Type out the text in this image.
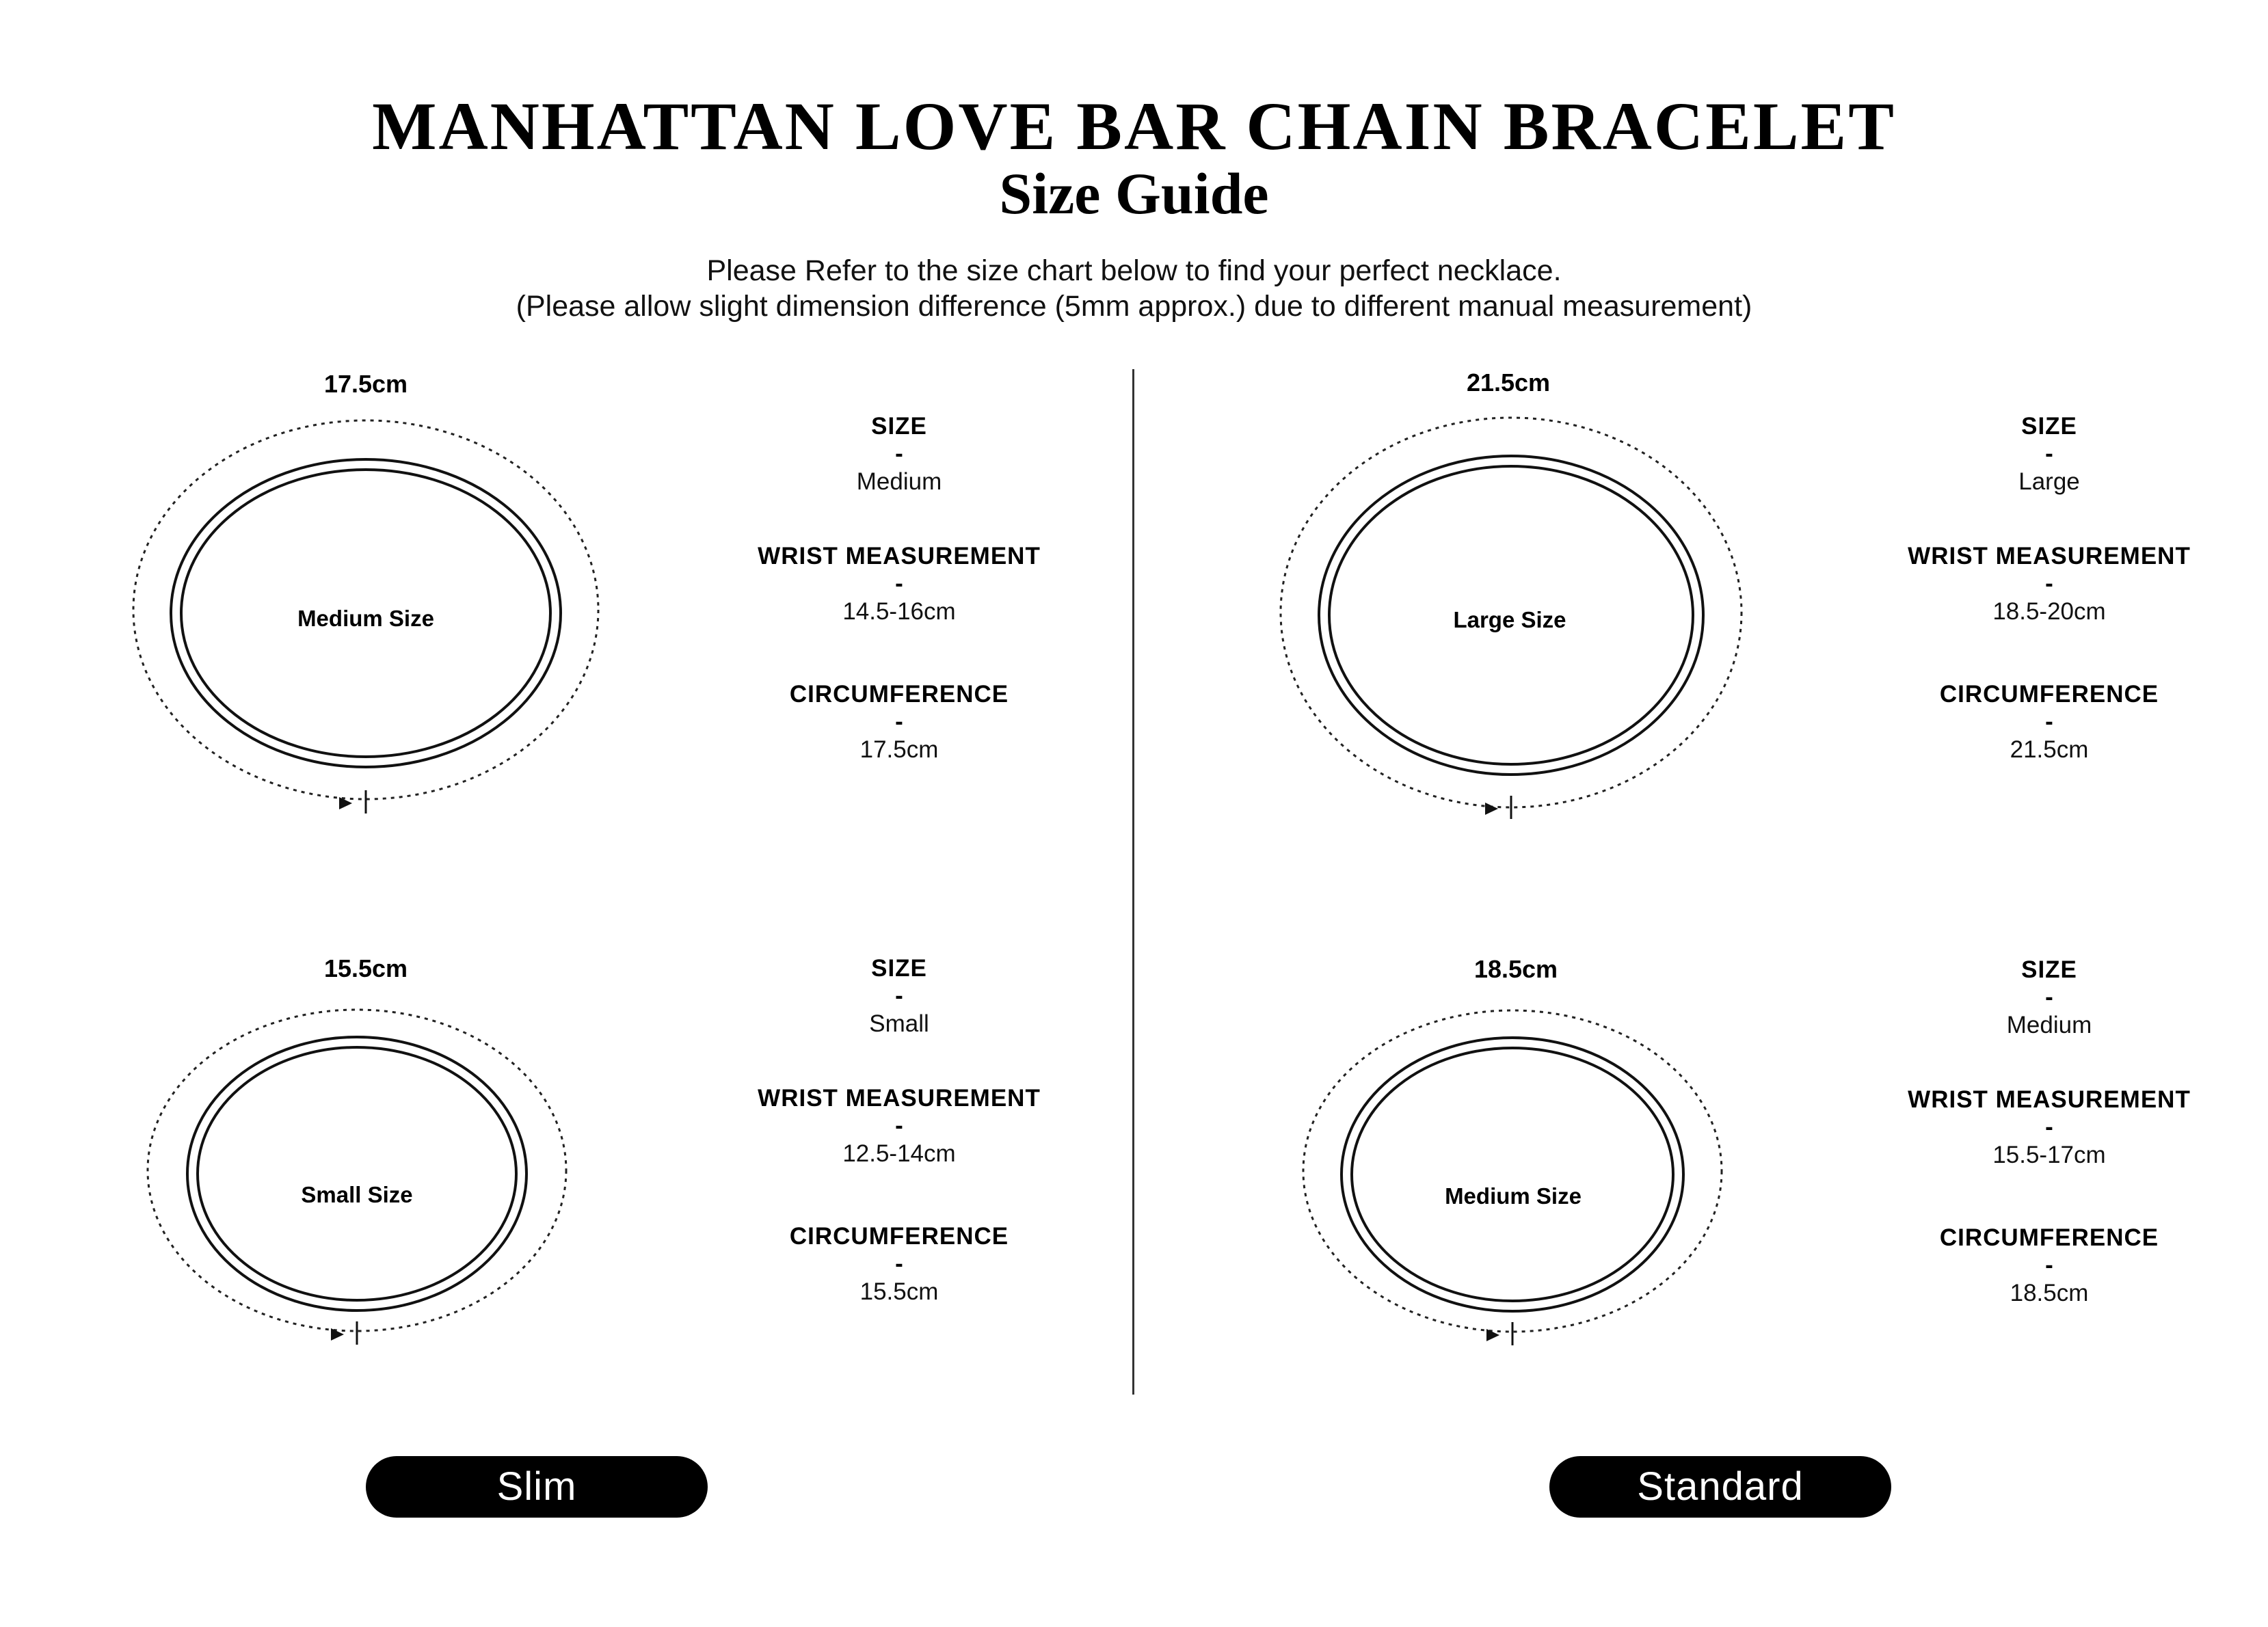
MANHATTAN LOVE BAR CHAIN BRACELET
Size Guide
Please Refer to the size chart below to find your perfect necklace.
(Please allow slight dimension difference (5mm approx.) due to different manual measurement)
17.5cm
Medium Size
SIZE
-
Medium
WRIST MEASUREMENT
-
14.5-16cm
CIRCUMFERENCE
-
17.5cm
15.5cm
Small Size
SIZE
-
Small
WRIST MEASUREMENT
-
12.5-14cm
CIRCUMFERENCE
-
15.5cm
21.5cm
Large Size
SIZE
-
Large
WRIST MEASUREMENT
-
18.5-20cm
CIRCUMFERENCE
-
21.5cm
18.5cm
Medium Size
SIZE
-
Medium
WRIST MEASUREMENT
-
15.5-17cm
CIRCUMFERENCE
-
18.5cm
Slim	Standard
